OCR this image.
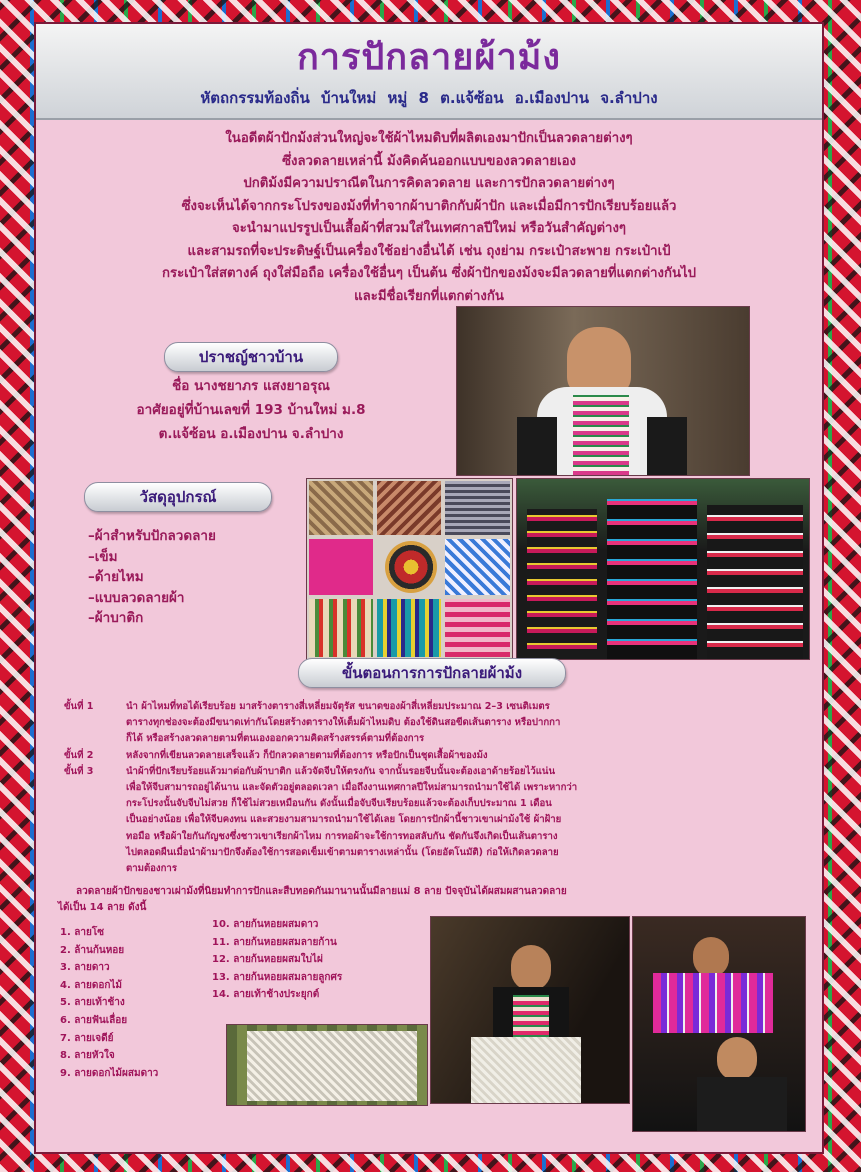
การปักลายผ้าม้ง
หัตถกรรมท้องถิ่น บ้านใหม่ หมู่ 8 ต.แจ้ซ้อน อ.เมืองปาน จ.ลำปาง
ในอดีตผ้าปักม้งส่วนใหญ่จะใช้ผ้าไหมดิบที่ผลิตเองมาปักเป็นลวดลายต่างๆ
ซึ่งลวดลายเหล่านี้ ม้งคิดค้นออกแบบของลวดลายเอง
ปกติม้งมีความปราณีตในการคิดลวดลาย และการปักลวดลายต่างๆ
ซึ่งจะเห็นได้จากกระโปรงของม้งที่ทำจากผ้าบาติกกับผ้าปัก และเมื่อมีการปักเรียบร้อยแล้ว
จะนำมาแปรรูปเป็นเสื้อผ้าที่สวมใส่ในเทศกาลปีใหม่ หรือวันสำคัญต่างๆ
และสามรถที่จะประดิษฐ์เป็นเครื่องใช้อย่างอื่นได้ เช่น ถุงย่าม กระเป๋าสะพาย กระเป๋าเป้
กระเป๋าใส่สตางค์ ถุงใส่มือถือ เครื่องใช้อื่นๆ เป็นต้น ซึ่งผ้าปักของม้งจะมีลวดลายที่แตกต่างกันไป
และมีชื่อเรียกที่แตกต่างกัน
ปราชญ์ชาวบ้าน
ชื่อ นางชยาภร แสงยาอรุณ
อาศัยอยู่ที่บ้านเลขที่ 193 บ้านใหม่ ม.8
ต.แจ้ซ้อน อ.เมืองปาน จ.ลำปาง
วัสดุอุปกรณ์
–ผ้าสำหรับปักลวดลาย
–เข็ม
–ด้ายไหม
–แบบลวดลายผ้า
–ผ้าบาติก
ขั้นตอนการการปักลายผ้าม้ง
ขั้นที่ 1	นำ ผ้าไหมที่ทอได้เรียบร้อย มาสร้างตารางสี่เหลี่ยมจัตุรัส ขนาดของผ้าสี่เหลี่ยมประมาณ 2–3 เซนติเมตร
ตารางทุกช่องจะต้องมีขนาดเท่ากันโดยสร้างตารางให้เต็มผ้าไหมดิบ ต้องใช้ดินสอขีดเส้นตาราง หรือปากกา
ก็ได้ หรือสร้างลวดลายตามที่ตนเองออกความคิดสร้างสรรค์ตามที่ต้องการ
ขั้นที่ 2	หลังจากที่เขียนลวดลายเสร็จแล้ว ก็ปักลวดลายตามที่ต้องการ หรือปักเป็นชุดเสื้อผ้าของม้ง
ขั้นที่ 3	นำผ้าที่ปักเรียบร้อยแล้วมาต่อกับผ้าบาติก แล้วจัดจีบให้ตรงกัน จากนั้นรอยจีบนั้นจะต้องเอาด้ายร้อยไว้แน่น
เพื่อให้จีบสามารถอยู่ได้นาน และจัดตัวอยู่ตลอดเวลา เมื่อถึงงานเทศกาลปีใหม่สามารถนำมาใช้ได้ เพราะหากว่า
กระโปรงนั้นจับจีบไม่สวย ก็ใช้ไม่สวยเหมือนกัน ดังนั้นเมื่อจับจีบเรียบร้อยแล้วจะต้องเก็บประมาณ 1 เดือน
เป็นอย่างน้อย เพื่อให้จีบคงทน และสวยงามสามารถนำมาใช้ได้เลย โดยการปักผ้านี้ชาวเขาเผ่าม้งใช้ ผ้าฝ้าย
ทอมือ หรือผ้าใยกันกัญชงซึ่งชาวเขาเรียกผ้าไหม การทอผ้าจะใช้การทอสลับกัน ชัดกันจึงเกิดเป็นเส้นตาราง
ไปตลอดผืนเมื่อนำผ้ามาปักจึงต้องใช้การสอดเข็มเข้าตามตารางเหล่านั้น (โดยอัตโนมัติ) ก่อให้เกิดลวดลาย
ตามต้องการ
ลวดลายผ้าปักของชาวเผ่าม้งที่นิยมทำการปักและสืบทอดกันมานานนั้นมีลายแม่ 8 ลาย ปัจจุบันได้ผสมผสานลวดลาย
ได้เป็น 14 ลาย ดังนี้
1. ลายโซ
2. ล้านก้นหอย
3. ลายดาว
4. ลายดอกไม้
5. ลายเท้าช้าง
6. ลายฟันเลื่อย
7. ลายเจดีย์
8. ลายหัวใจ
9. ลายดอกไม้ผสมดาว
10. ลายก้นหอยผสมดาว
11. ลายก้นหอยผสมลายก้าน
12. ลายก้นหอยผสมใบไผ่
13. ลายก้นหอยผสมลายลูกศร
14. ลายเท้าช้างประยุกต์
